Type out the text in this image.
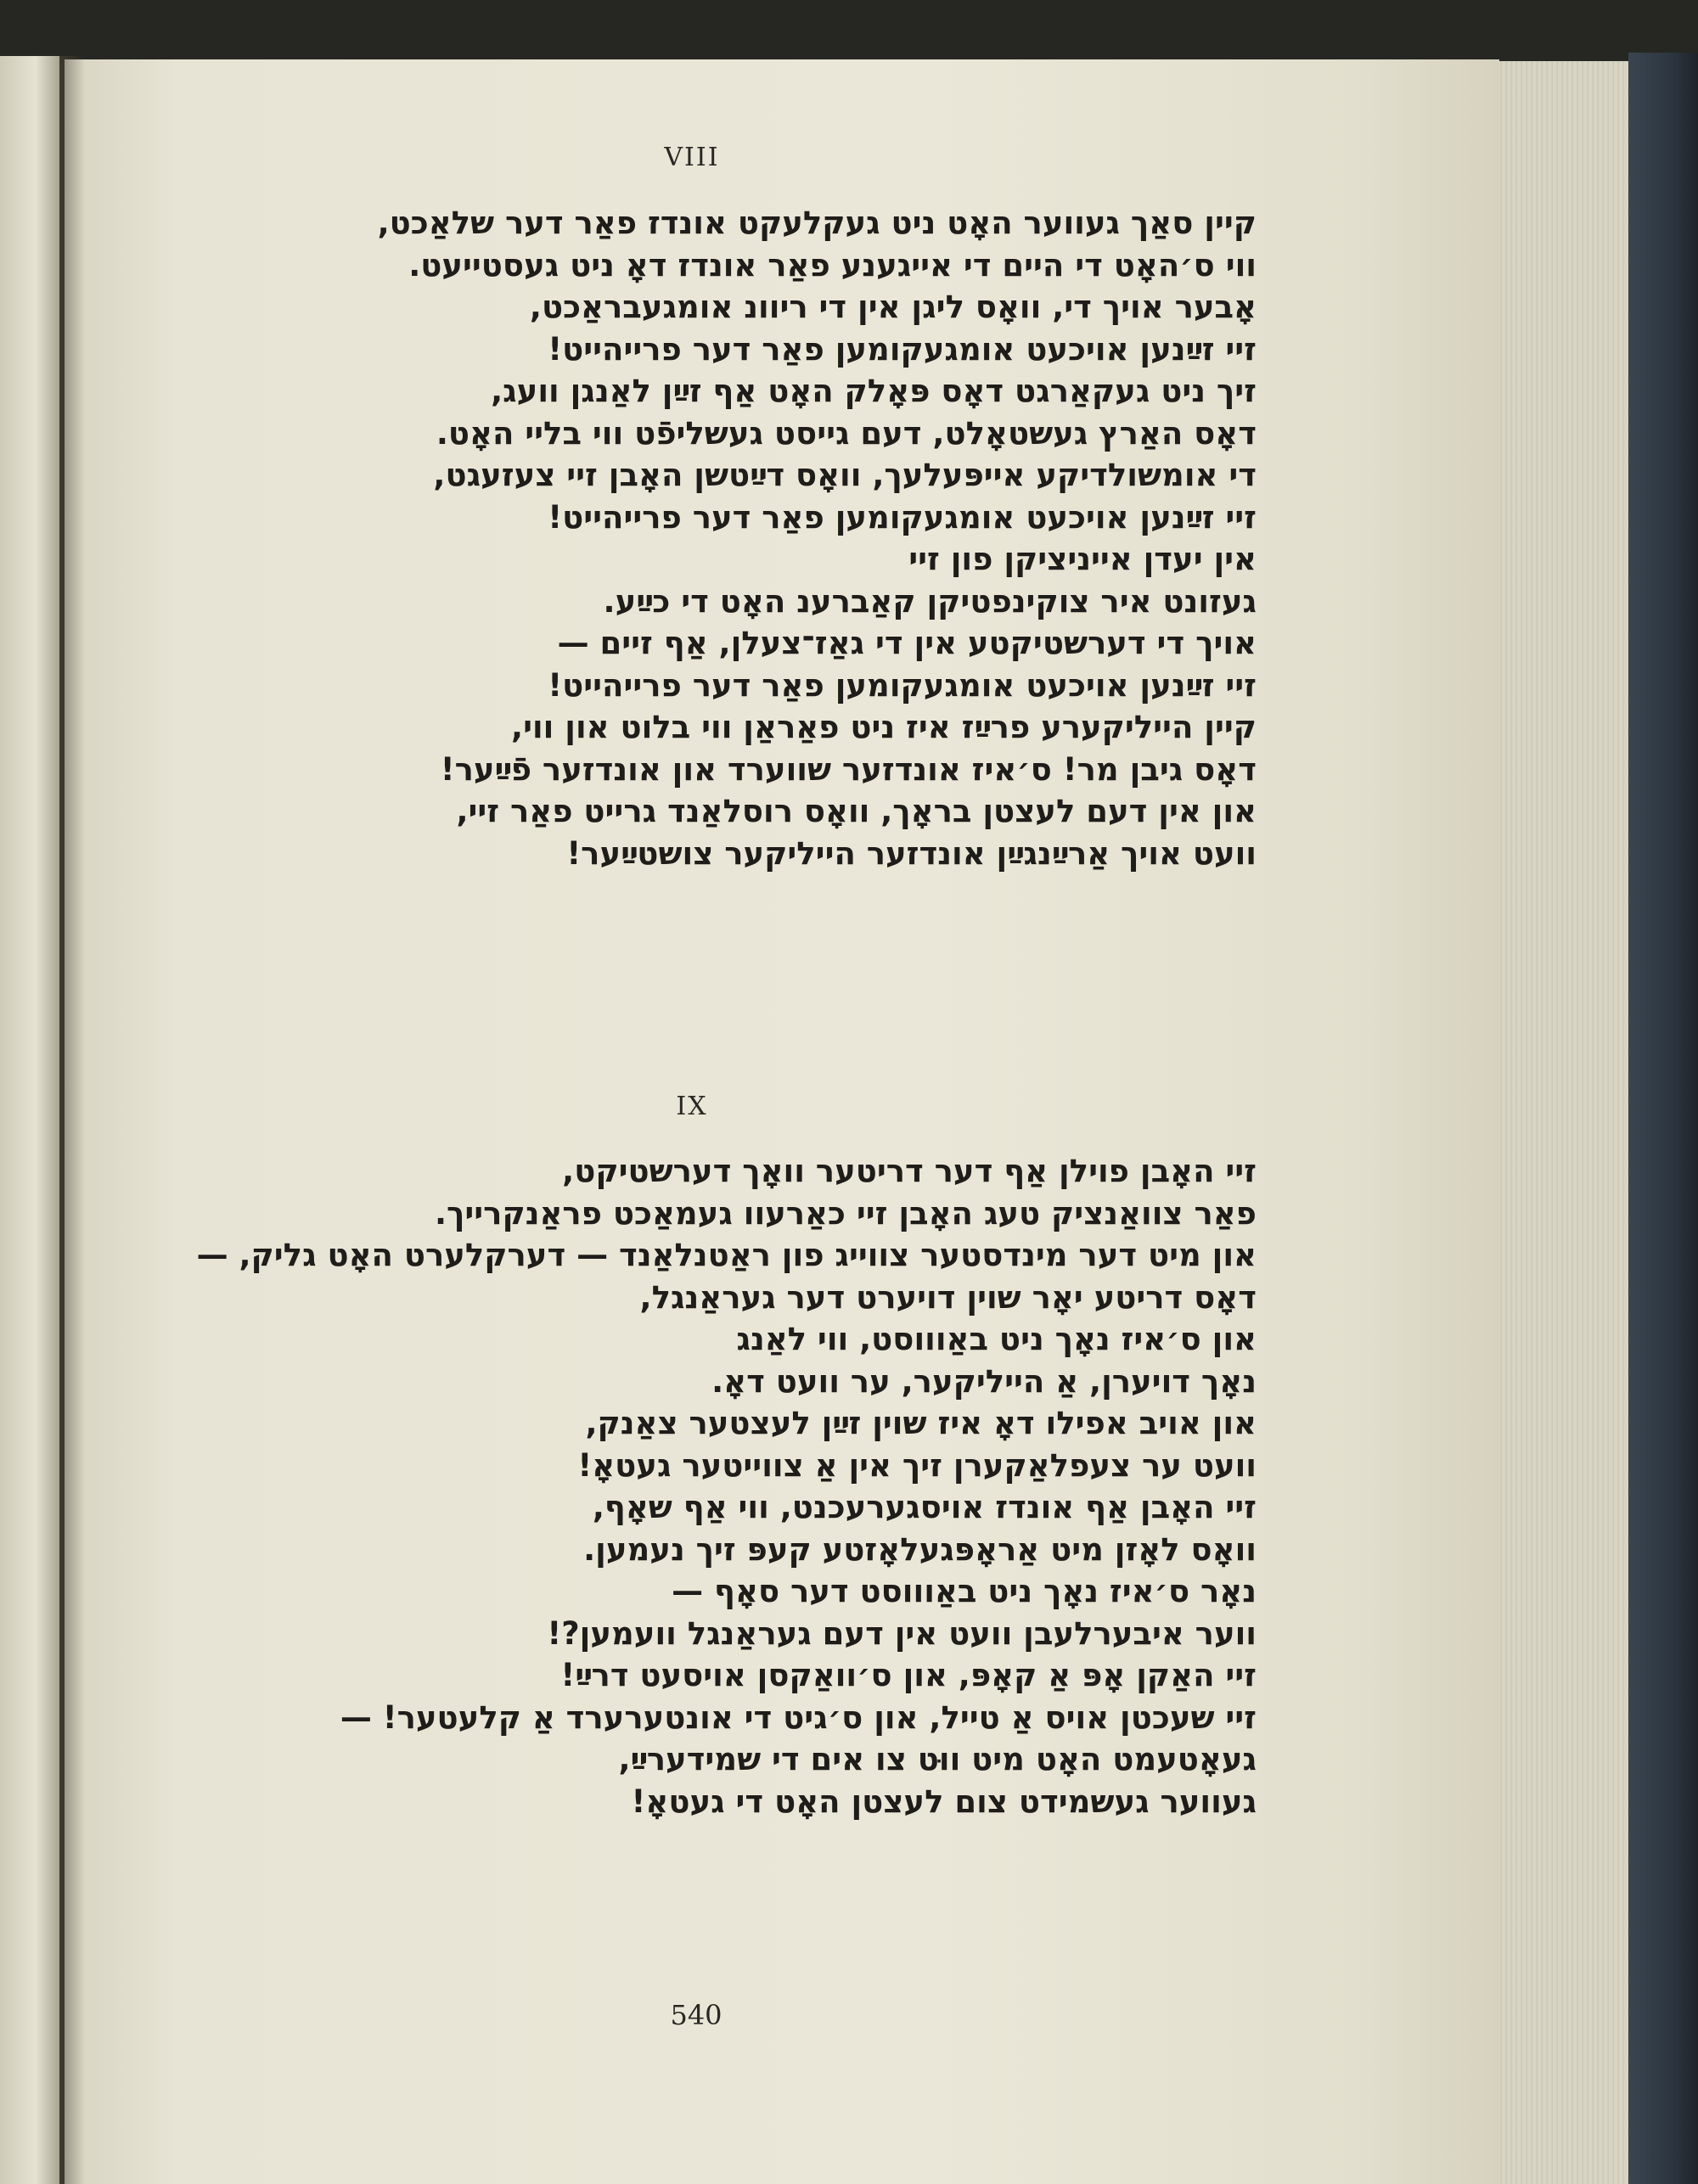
VIII
קיין סאַך געווער האָט ניט געקלעקט אונדז פאַר דער שלאַכט,
ווי ס׳האָט די היים די אייגענע פאַר אונדז דאָ ניט געסטייעט.
אָבער אויך די, וואָס ליגן אין די ריוונ אומגעבראַכט,
זיי זײַנען אויכעט אומגעקומען פאַר דער פרייהייט!
זיך ניט געקאַרגט דאָס פּאָלק האָט אַף זײַן לאַנגן וועג,
דאָס האַרץ געשטאָלט, דעם גייסט געשליפֿט ווי בליי האָט.
די אומשולדיקע אייפּעלעך, וואָס דײַטשן האָבן זיי צעזעגט,
זיי זײַנען אויכעט אומגעקומען פאַר דער פרייהייט!
אין יעדן אייניציקן פון זיי
געזונט איר צוקינפטיקן קאַברענ האָט די כײַע.
אויך די דערשטיקטע אין די גאַז־צעלן, אַף זיים —
זיי זײַנען אויכעט אומגעקומען פאַר דער פרייהייט!
קיין הייליקערע פרײַז איז ניט פאַראַן ווי בלוט און ווי,
דאָס גיבן מר! ס׳איז אונדזער שווערד און אונדזער פֿײַער!
און אין דעם לעצטן בראָך, וואָס רוסלאַנד גרייט פאַר זיי,
וועט אויך אַרײַנגײַן אונדזער הייליקער צושטײַער!
IX
זיי האָבן פוילן אַף דער דריטער וואָך דערשטיקט,
פאַר צוואַנציק טעג האָבן זיי כאַרעוו געמאַכט פראַנקרייך.
און מיט דער מינדסטער צווייג פון ראַטנלאַנד — דערקלערט האָט גליק, —
דאָס דריטע יאָר שוין דויערט דער געראַנגל,
און ס׳איז נאָך ניט באַוווסט, ווי לאַנג
נאָך דויערן, אַ הייליקער, ער וועט דאָ.
און אויב אפילו דאָ איז שוין זײַן לעצטער צאַנק,
וועט ער צעפלאַקערן זיך אין אַ צווייטער געטאָ!
זיי האָבן אַף אונדז אויסגערעכנט, ווי אַף שאָף,
וואָס לאָזן מיט אַראָפּגעלאָזטע קעפּ זיך נעמען.
נאָר ס׳איז נאָך ניט באַוווסט דער סאָף —
ווער איבערלעבן וועט אין דעם געראַנגל וועמען?!
זיי האַקן אָפּ אַ קאָפּ, און ס׳וואַקסן אויסעט דרײַ!
זיי שעכטן אויס אַ טייל, און ס׳גיט די אונטערערד אַ קלעטער! —
געאָטעמט האָט מיט ווּט צו אים די שמידערײַ,
געווער געשמידט צום לעצטן האָט די געטאָ!
540
